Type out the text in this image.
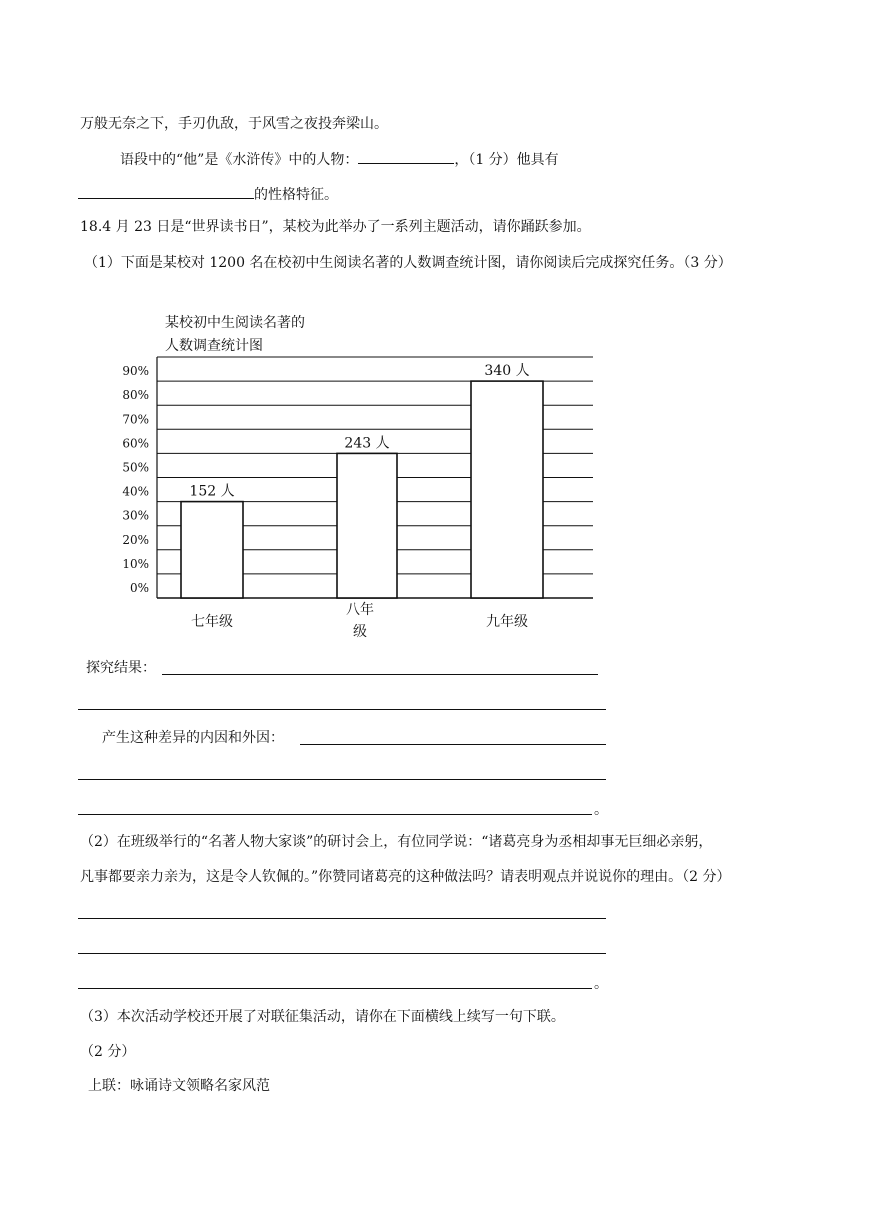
万般无奈之下，手刃仇敌，于风雪之夜投奔梁山。
语段中的“他”是《水浒传》中的人物：	，（1 分）他具有
的性格特征。
18.4 月 23 日是“世界读书日”，某校为此举办了一系列主题活动，请你踊跃参加。
（1）下面是某校对 1200 名在校初中生阅读名著的人数调查统计图，请你阅读后完成探究任务。（3 分）
某校初中生阅读名著的
人数调查统计图
0%
10%
20%
30%
40%
50%
60%
70%
80%
90%
七年级
八年
级
九年级
152 人
243 人
340 人
探究结果：
产生这种差异的内因和外因：
。
（2）在班级举行的“名著人物大家谈”的研讨会上，有位同学说：“诸葛亮身为丞相却事无巨细必亲躬，
凡事都要亲力亲为，这是令人钦佩的。”你赞同诸葛亮的这种做法吗？请表明观点并说说你的理由。（2 分）
。
（3）本次活动学校还开展了对联征集活动，请你在下面横线上续写一句下联。
（2 分）
上联：咏诵诗文领略名家风范
